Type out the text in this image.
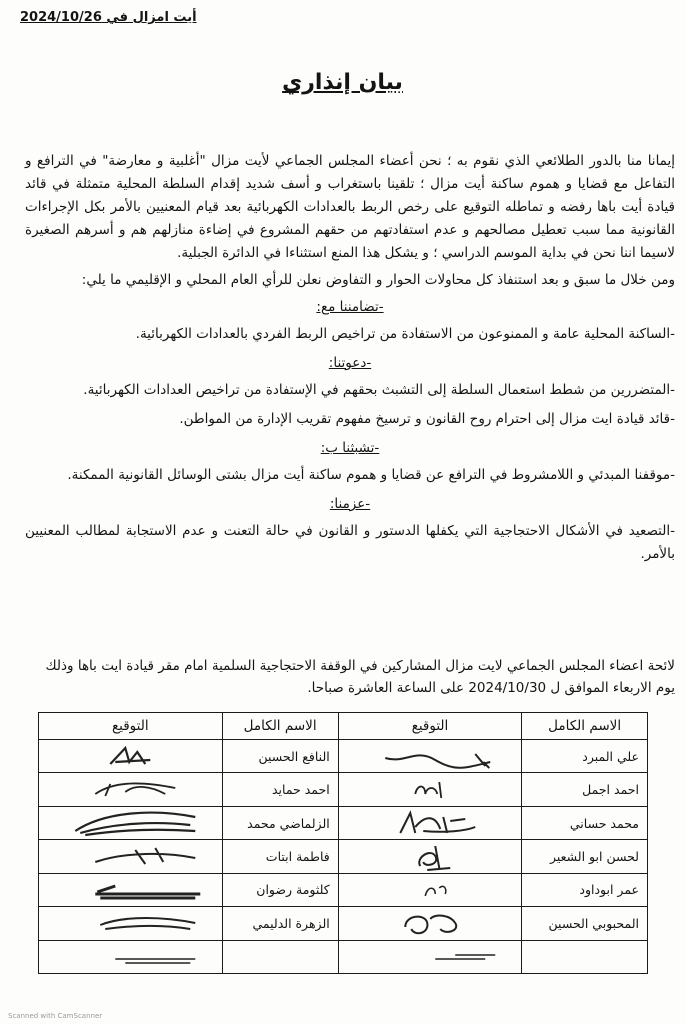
أيت امزال في 2024/10/26
بيان إنذاري

إيمانا منا بالدور الطلائعي الذي نقوم به ؛ نحن أعضاء المجلس الجماعي لأيت مزال "أغلبية و معارضة" في الترافع و التفاعل مع قضايا و هموم ساكنة أيت مزال ؛ تلقينا باستغراب و أسف شديد إقدام السلطة المحلية متمثلة في قائد قيادة أيت باها رفضه و تماطله التوقيع على رخص الربط بالعدادات الكهربائية بعد قيام المعنيين بالأمر بكل الإجراءات القانونية مما سبب تعطيل مصالحهم و عدم استفادتهم من حقهم المشروع في إضاءة منازلهم هم و أسرهم الصغيرة لاسيما اننا نحن في بداية الموسم الدراسي ؛ و يشكل هذا المنع استثناءا في الدائرة الجبلية.

ومن خلال ما سبق و بعد استنفاذ كل محاولات الحوار و التفاوض نعلن للرأي العام المحلي و الإقليمي ما يلي:

-تضامننا مع:

-الساكنة المحلية عامة و الممنوعون من الاستفادة من تراخيص الربط الفردي بالعدادات الكهربائية.

-دعوتنا:

-المتضررين من شطط استعمال السلطة إلى التشبث بحقهم في الإستفادة من تراخيص العدادات الكهربائية.

-قائد قيادة ايت مزال إلى احترام روح القانون و ترسيخ مفهوم تقريب الإدارة من المواطن.

-تشبثنا ب:

-موقفنا المبدئي و اللامشروط في الترافع عن قضايا و هموم ساكنة أيت مزال بشتى الوسائل القانونية الممكنة.

-عزمنا:

-التصعيد في الأشكال الاحتجاجية التي يكفلها الدستور و القانون في حالة التعنت و عدم الاستجابة لمطالب المعنيين بالأمر.

لائحة اعضاء المجلس الجماعي لايت مزال المشاركين في الوقفة الاحتجاجية السلمية امام مقر قيادة ايت باها وذلك يوم الاربعاء الموافق ل 2024/10/30 على الساعة العاشرة صباحا.
الاسم الكامل	التوقيع	الاسم الكامل	التوقيع
علي المبرد		النافع الحسين	

احمد اجمل		احمد حمايد	

محمد حساني		الزلماضي محمد	

لحسن ابو الشعير		فاطمة ابتات	

عمر ابوداود		كلثومة رضوان	

المحبوبي الحسين		الزهرة الدليمي	

Scanned with CamScanner
